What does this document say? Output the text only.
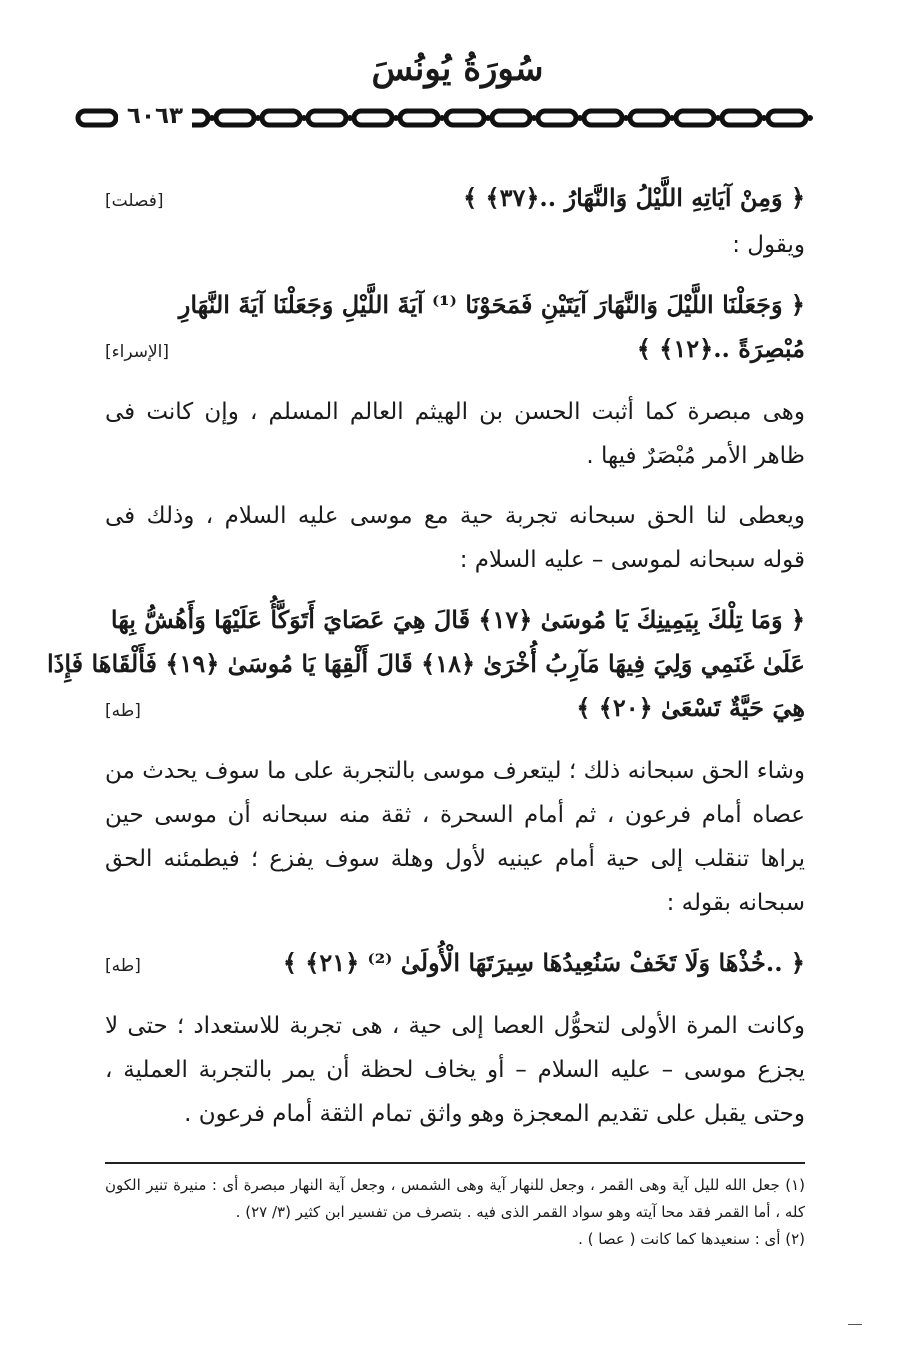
سُورَةُ يُونُسَ
٦٠٦٣
﴿ وَمِنْ آيَاتِهِ اللَّيْلُ وَالنَّهَارُ ..﴿٣٧﴾ ﴾
[فصلت]

ويقول :

﴿ وَجَعَلْنَا اللَّيْلَ وَالنَّهَارَ آيَتَيْنِ فَمَحَوْنَا ⁽¹⁾ آيَةَ اللَّيْلِ وَجَعَلْنَا آيَةَ النَّهَارِ
مُبْصِرَةً ..﴿١٢﴾ ﴾
[الإسراء]

وهى مبصرة كما أثبت الحسن بن الهيثم العالم المسلم ، وإن كانت فى ظاهر الأمر مُبْصَرٌ فيها .

ويعطى لنا الحق سبحانه تجربة حية مع موسى عليه السلام ، وذلك فى قوله سبحانه لموسى – عليه السلام :

﴿ وَمَا تِلْكَ بِيَمِينِكَ يَا مُوسَىٰ ﴿١٧﴾ قَالَ هِيَ عَصَايَ أَتَوَكَّأُ عَلَيْهَا وَأَهُشُّ بِهَا
عَلَىٰ غَنَمِي وَلِيَ فِيهَا مَآرِبُ أُخْرَىٰ ﴿١٨﴾ قَالَ أَلْقِهَا يَا مُوسَىٰ ﴿١٩﴾ فَأَلْقَاهَا فَإِذَا
هِيَ حَيَّةٌ تَسْعَىٰ ﴿٢٠﴾ ﴾
[طه]

وشاء الحق سبحانه ذلك ؛ ليتعرف موسى بالتجربة على ما سوف يحدث من عصاه أمام فرعون ، ثم أمام السحرة ، ثقة منه سبحانه أن موسى حين يراها تنقلب إلى حية أمام عينيه لأول وهلة سوف يفزع ؛ فيطمئنه الحق سبحانه بقوله :

﴿ ..خُذْهَا وَلَا تَخَفْ سَنُعِيدُهَا سِيرَتَهَا الْأُولَىٰ ⁽²⁾ ﴿٢١﴾ ﴾
[طه]

وكانت المرة الأولى لتحوُّل العصا إلى حية ، هى تجربة للاستعداد ؛ حتى لا يجزع موسى – عليه السلام – أو يخاف لحظة أن يمر بالتجربة العملية ، وحتى يقبل على تقديم المعجزة وهو واثق تمام الثقة أمام فرعون .

(١) جعل الله لليل آية وهى القمر ، وجعل للنهار آية وهى الشمس ، وجعل آية النهار مبصرة أى : منيرة تنير الكون كله ، أما القمر فقد محا آيته وهو سواد القمر الذى فيه . بتصرف من تفسير ابن كثير (٣/ ٢٧) .

(٢) أى : سنعيدها كما كانت ( عصا ) .
